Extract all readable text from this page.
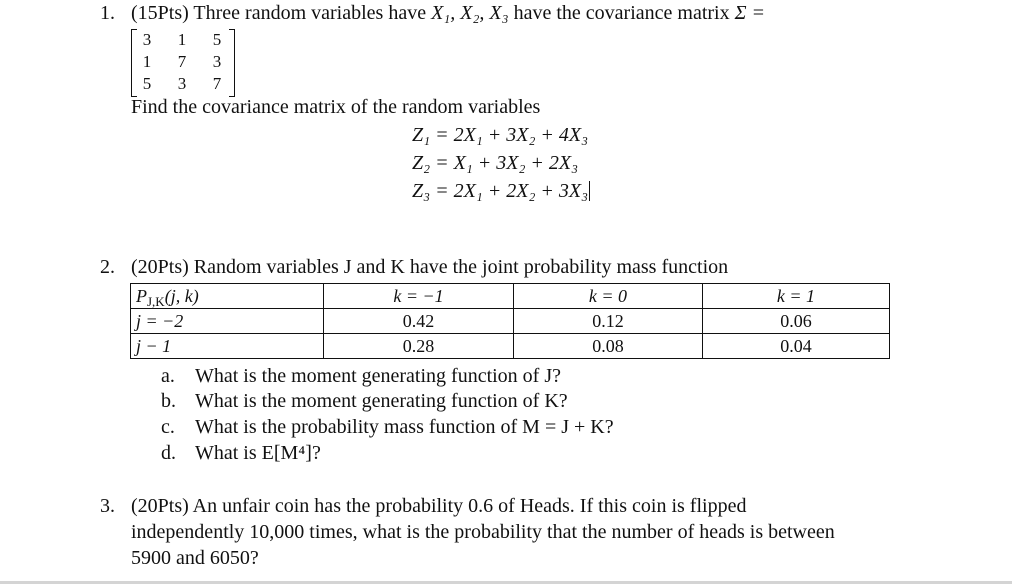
1. (15Pts) Three random variables have X₁, X₂, X₃ have the covariance matrix Σ =
3	1	5
1	7	3
5	3	7
Find the covariance matrix of the random variables
Z₁ = 2X₁ + 3X₂ + 4X₃
Z₂ = X₁ + 3X₂ + 2X₃
Z₃ = 2X₁ + 2X₂ + 3X₃
2. (20Pts) Random variables J and K have the joint probability mass function
$P_{J,K}(j$, k)	k = −1	k = 0	k = 1
j = −2	0.42	0.12	0.06
j − 1	0.28	0.08	0.04
a. What is the moment generating function of J?
b. What is the moment generating function of K?
c. What is the probability mass function of M = J + K?
d. What is E[M⁴]?
3. (20Pts) An unfair coin has the probability 0.6 of Heads. If this coin is flipped
independently 10,000 times, what is the probability that the number of heads is between
5900 and 6050?
